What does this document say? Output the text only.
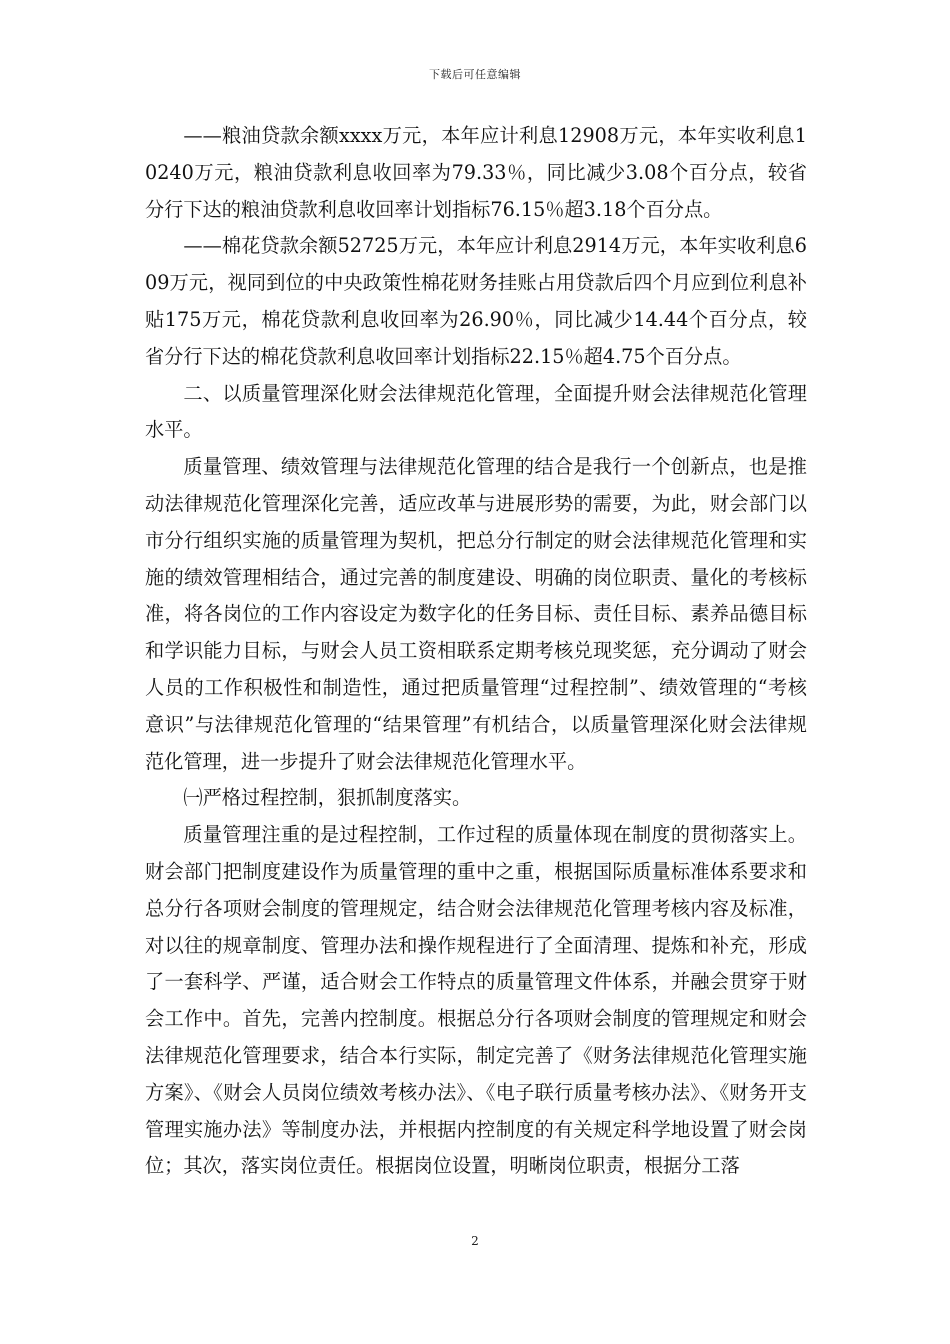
下载后可任意编辑

——粮油贷款余额xxxx万元，本年应计利息12908万元，本年实收利息10240万元，粮油贷款利息收回率为79.33％，同比减少3.08个百分点，较省分行下达的粮油贷款利息收回率计划指标76.15％超3.18个百分点。

——棉花贷款余额52725万元，本年应计利息2914万元，本年实收利息609万元，视同到位的中央政策性棉花财务挂账占用贷款后四个月应到位利息补贴175万元，棉花贷款利息收回率为26.90％，同比减少14.44个百分点，较省分行下达的棉花贷款利息收回率计划指标22.15％超4.75个百分点。

二、以质量管理深化财会法律规范化管理，全面提升财会法律规范化管理水平。

质量管理、绩效管理与法律规范化管理的结合是我行一个创新点，也是推动法律规范化管理深化完善，适应改革与进展形势的需要，为此，财会部门以市分行组织实施的质量管理为契机，把总分行制定的财会法律规范化管理和实施的绩效管理相结合，通过完善的制度建设、明确的岗位职责、量化的考核标准，将各岗位的工作内容设定为数字化的任务目标、责任目标、素养品德目标和学识能力目标，与财会人员工资相联系定期考核兑现奖惩，充分调动了财会人员的工作积极性和制造性，通过把质量管理“过程控制”、绩效管理的“考核意识”与法律规范化管理的“结果管理”有机结合，以质量管理深化财会法律规范化管理，进一步提升了财会法律规范化管理水平。

㈠严格过程控制，狠抓制度落实。

质量管理注重的是过程控制，工作过程的质量体现在制度的贯彻落实上。财会部门把制度建设作为质量管理的重中之重，根据国际质量标准体系要求和总分行各项财会制度的管理规定，结合财会法律规范化管理考核内容及标准，对以往的规章制度、管理办法和操作规程进行了全面清理、提炼和补充，形成了一套科学、严谨，适合财会工作特点的质量管理文件体系，并融会贯穿于财会工作中。首先，完善内控制度。根据总分行各项财会制度的管理规定和财会法律规范化管理要求，结合本行实际，制定完善了《财务法律规范化管理实施方案》、《财会人员岗位绩效考核办法》、《电子联行质量考核办法》、《财务开支管理实施办法》等制度办法，并根据内控制度的有关规定科学地设置了财会岗位；其次，落实岗位责任。根据岗位设置，明晰岗位职责，根据分工落

2
